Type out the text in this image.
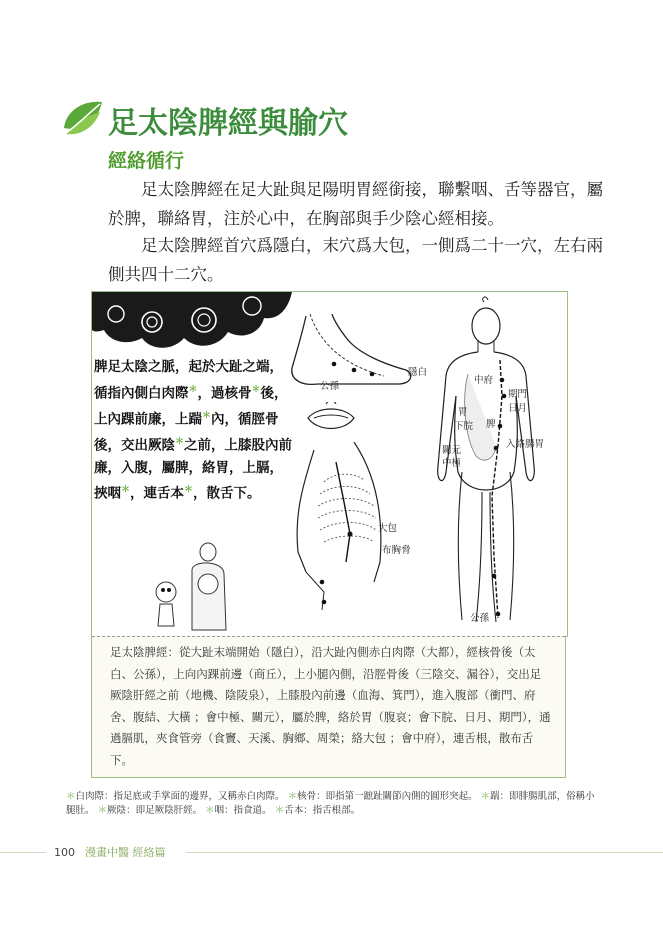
足太陰脾經與腧穴
經絡循行
足太陰脾經在足大趾與足陽明胃經銜接，聯繫咽、舌等器官，屬於脾，聯絡胃，注於心中，在胸部與手少陰心經相接。
足太陰脾經首穴爲隱白，末穴爲大包，一側爲二十一穴，左右兩側共四十二穴。
脾足太陰之脈，起於大趾之端，循指內側白肉際＊，過核骨＊後，上內踝前廉，上踹＊內，循脛骨後，交出厥陰＊之前，上膝股內前廉，入腹，屬脾，絡胃，上膈，挾咽＊，連舌本＊，散舌下。
隱白
公孫
大包
布胸脅
中府
期門
日月
胃
下脘 脾
入絡腸胃
關元
中極
公孫
足太陰脾經：從大趾末端開始（隱白），沿大趾內側赤白肉際（大都），經核骨後（太白、公孫），上向內踝前邊（商丘），上小腿內側，沿脛骨後（三陰交、漏谷），交出足厥陰肝經之前（地機、陰陵泉），上膝股內前邊（血海、箕門），進入腹部（衝門、府舍、腹結、大橫 ；會中極、關元），屬於脾，絡於胃（腹哀；會下脘、日月、期門），通過膈肌，夾食管旁（食竇、天溪、胸鄉、周榮；絡大包 ；會中府），連舌根，散布舌下。
＊白肉際：指足底或手掌面的邊界，又稱赤白肉際。 ＊核骨：即指第一蹠趾關節內側的圓形突起。 ＊踹：即腓腸肌部，俗稱小腿肚。 ＊厥陰：即足厥陰肝經。 ＊咽：指食道。 ＊舌本：指舌根部。
100 漫畫中醫 經絡篇
